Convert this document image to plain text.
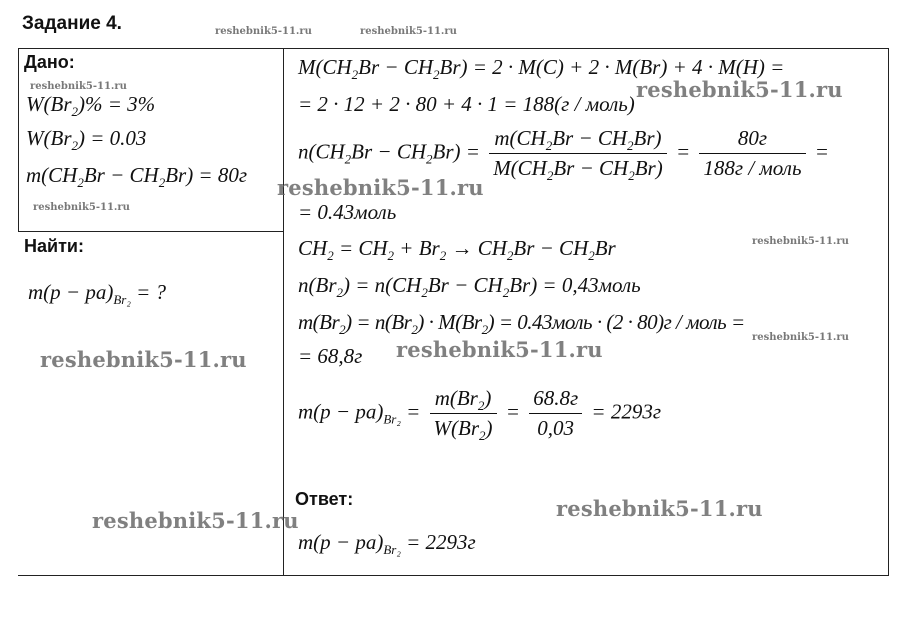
Задание 4.
Дано:
$W(Br_2)\% = 3\%$
$W(Br_2) = 0.03$
$m(CH_2Br - CH_2Br) = 80г$
Найти:
$m(p - pa)_{Br_2}$ = ?
$M(CH_2Br - CH_2Br) = 2 \cdot M(C) + 2 \cdot M(Br) + 4 \cdot M(H)$ =
= 2 · 12 + 2 · 80 + 4 · 1 = 188(г / моль)
$n(CH_2Br - CH_2Br) = \frac{m(CH_2Br - CH_2Br)}{M(CH_2Br - CH_2Br)} = \frac{80г}{\text{188г / моль}}$ =
= 0.43моль
$CH_2 = CH_2 + Br_2 \to CH_2Br - CH_2Br$
$n(Br_2) = n(CH_2Br - CH_2Br)$ = 0,43моль
$m(Br_2) = n(Br_2) \cdot M(Br_2)$ = 0.43моль · (2 · 80)г / моль =
= 68,8г
$m(p - pa)_{Br_2} = \frac{m(Br_2)}{W(Br_2)} = \frac{68.8г}{0,03} = 2293г$
Ответ:
$m(p - pa)_{Br_2} = 2293г$
reshebnik5-11.ru	reshebnik5-11.ru
reshebnik5-11.ru
reshebnik5-11.ru
reshebnik5-11.ru
reshebnik5-11.ru
reshebnik5-11.ru
reshebnik5-11.ru
reshebnik5-11.ru	reshebnik5-11.ru
reshebnik5-11.ru	reshebnik5-11.ru
